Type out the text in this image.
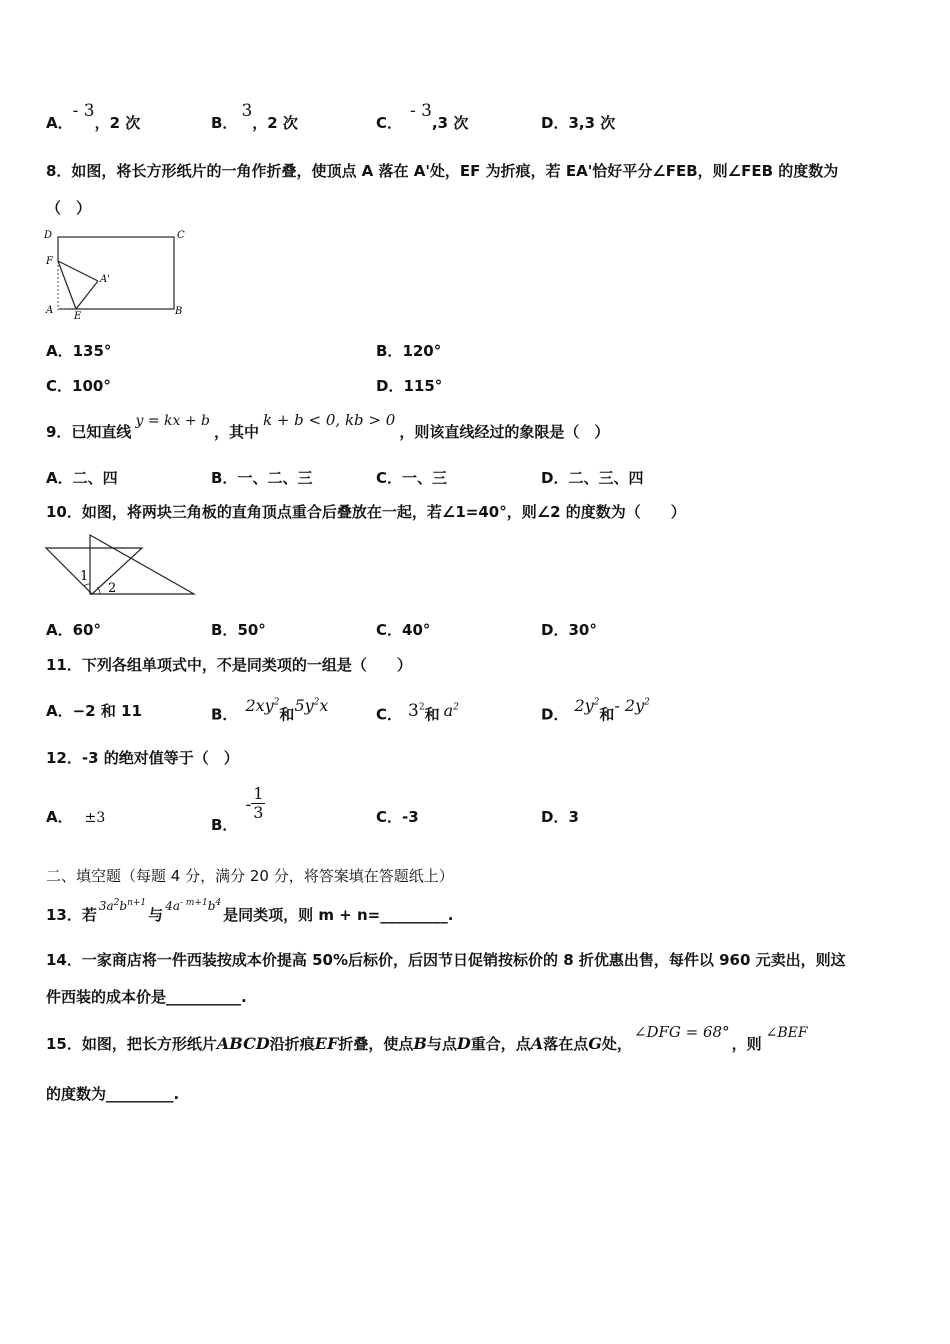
A．- 3，2 次	B．3，2 次	C．- 3,3 次	D．3,3 次
8．如图，将长方形纸片的一角作折叠，使顶点 A 落在 A'处，EF 为折痕，若 EA'恰好平分∠FEB，则∠FEB 的度数为
（　）
D	C
F
A'
A
E	B
A．135°	B．120°
C．100°	D．115°
9．已知直线y = kx + b，其中k + b < 0, kb > 0，则该直线经过的象限是（　）
A．二、四	B．一、二、三	C．一、三	D．二、三、四
10．如图，将两块三角板的直角顶点重合后叠放在一起，若∠1=40°，则∠2 的度数为（　　）
1
2
A．60°	B．50°	C．40°	D．30°
11．下列各组单项式中，不是同类项的一组是（　　）
A．−2 和 11	B． $2xy^2$和$5y^2x$	C． $3^2$和 $a^2$	D． $2y^2$和- $2y^2$
12．-3 的绝对值等于（　）
A． ±3	B．- $\frac{1}{3}$	C．-3	D．3
二、填空题（每题 4 分，满分 20 分，将答案填在答题纸上）
13．若 $^{3a^2b^{n+1}}$与 $^{4a^{- m+1}b^4}$是同类项，则 m + n=_________.
14．一家商店将一件西装按成本价提高 50%后标价，后因节日促销按标价的 8 折优惠出售，每件以 960 元卖出，则这
件西装的成本价是__________.
15．如图，把长方形纸片ABCD沿折痕EF折叠，使点B与点D重合，点A落在点G处，∠DFG = 68°，则∠BEF
的度数为_________.
